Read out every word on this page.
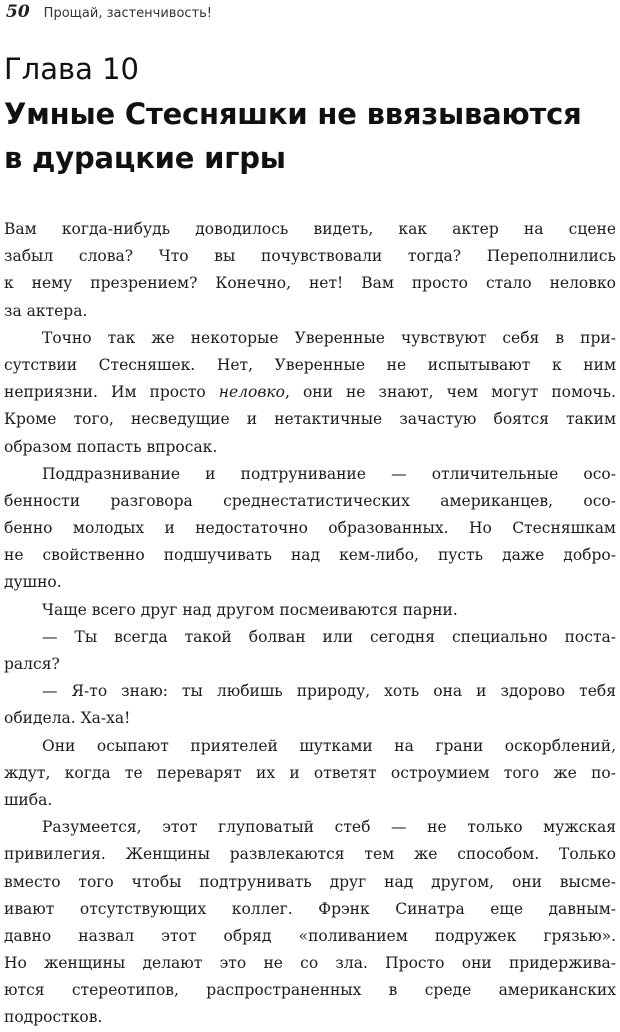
50 Прощай, застенчивость!
Глава 10
Умные Стесняшки не ввязываются
в дурацкие игры
Вам когда-нибудь доводилось видеть, как актер на сцене
забыл слова? Что вы почувствовали тогда? Переполнились
к нему презрением? Конечно, нет! Вам просто стало неловко
за актера.
Точно так же некоторые Уверенные чувствуют себя в при-
сутствии Стесняшек. Нет, Уверенные не испытывают к ним
неприязни. Им просто неловко, они не знают, чем могут помочь.
Кроме того, несведущие и нетактичные зачастую боятся таким
образом попасть впросак.
Поддразнивание и подтрунивание — отличительные осо-
бенности разговора среднестатистических американцев, осо-
бенно молодых и недостаточно образованных. Но Стесняшкам
не свойственно подшучивать над кем-либо, пусть даже добро-
душно.
Чаще всего друг над другом посмеиваются парни.
— Ты всегда такой болван или сегодня специально поста-
рался?
— Я-то знаю: ты любишь природу, хоть она и здорово тебя
обидела. Ха-ха!
Они осыпают приятелей шутками на грани оскорблений,
ждут, когда те переварят их и ответят остроумием того же по-
шиба.
Разумеется, этот глуповатый стеб — не только мужская
привилегия. Женщины развлекаются тем же способом. Только
вместо того чтобы подтрунивать друг над другом, они высме-
ивают отсутствующих коллег. Фрэнк Синатра еще давным-
давно назвал этот обряд «поливанием подружек грязью».
Но женщины делают это не со зла. Просто они придержива-
ются стереотипов, распространенных в среде американских
подростков.
